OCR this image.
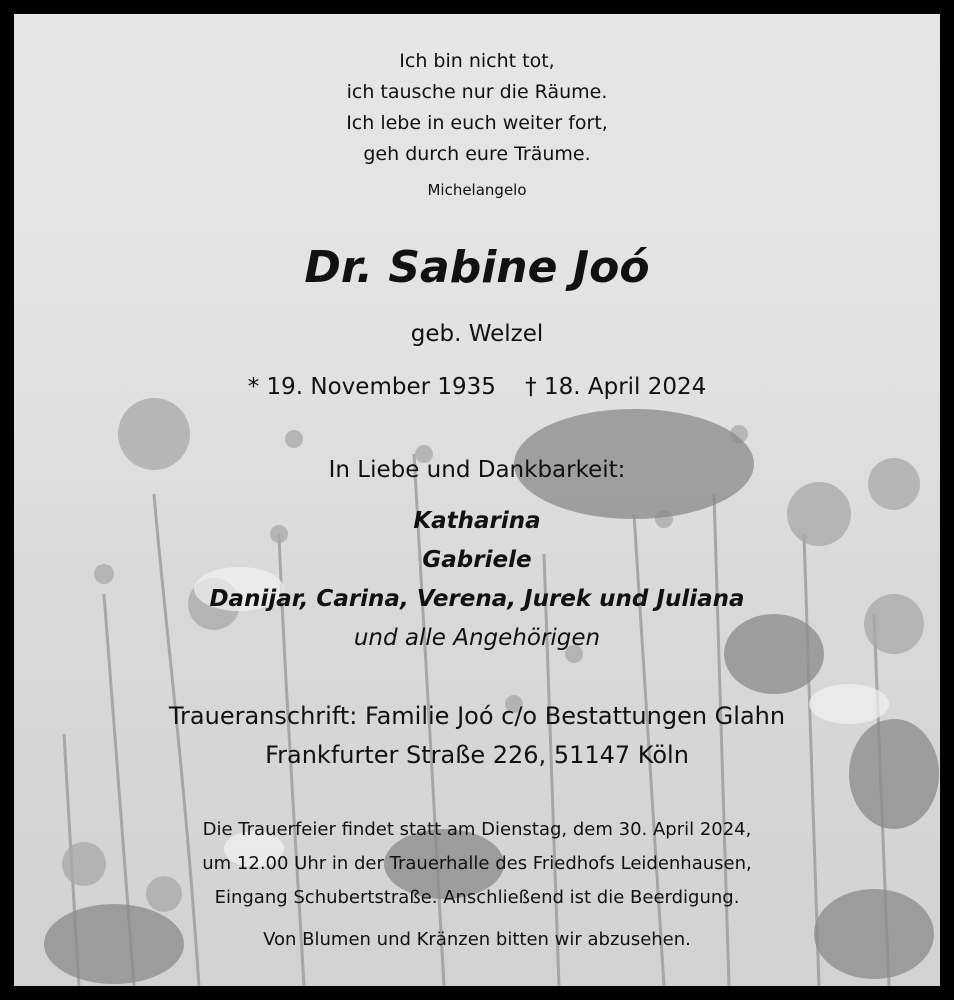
Ich bin nicht tot,
ich tausche nur die Räume.
Ich lebe in euch weiter fort,
geh durch eure Träume.
Michelangelo
Dr. Sabine Joó
geb. Welzel
* 19. November 1935 † 18. April 2024
In Liebe und Dankbarkeit:
Katharina
Gabriele
Danijar, Carina, Verena, Jurek und Juliana
und alle Angehörigen
Traueranschrift: Familie Joó c/o Bestattungen Glahn
Frankfurter Straße 226, 51147 Köln
Die Trauerfeier findet statt am Dienstag, dem 30. April 2024,
um 12.00 Uhr in der Trauerhalle des Friedhofs Leidenhausen,
Eingang Schubertstraße. Anschließend ist die Beerdigung.
Von Blumen und Kränzen bitten wir abzusehen.
